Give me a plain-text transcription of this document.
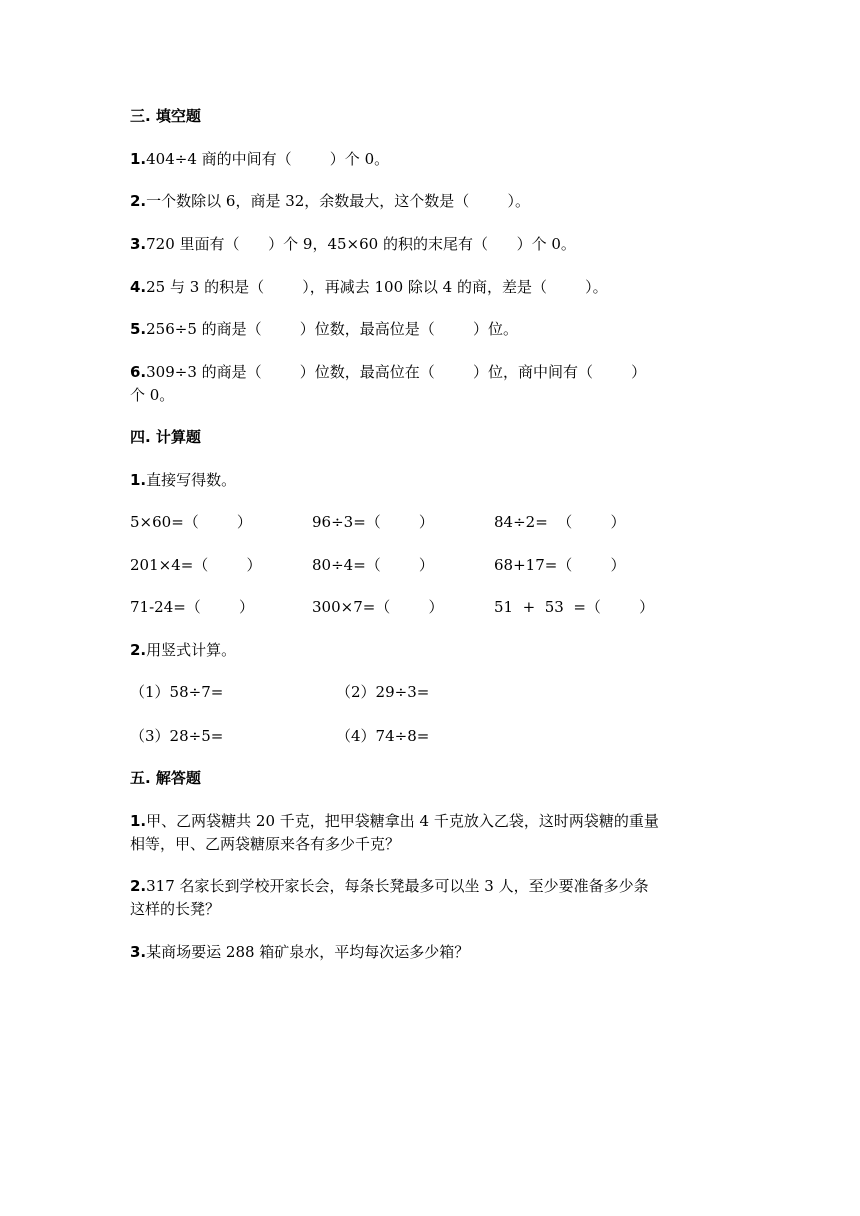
三. 填空题
1.404÷4 商的中间有（        ）个 0。
2.一个数除以 6，商是 32，余数最大，这个数是（        ）。
3.720 里面有（      ）个 9，45×60 的积的末尾有（      ）个 0。
4.25 与 3 的积是（        ），再减去 100 除以 4 的商，差是（        ）。
5.256÷5 的商是（        ）位数，最高位是（        ）位。
6.309÷3 的商是（        ）位数，最高位在（        ）位，商中间有（        ）
个 0。
四. 计算题
1.直接写得数。
5×60=（        ）	96÷3=（        ）	84÷2=  （        ）
201×4=（        ）	80÷4=（        ）	68+17=（        ）
71-24=（        ）	300×7=（        ）	51  +  53  =（        ）
2.用竖式计算。
（1）58÷7=	（2）29÷3=
（3）28÷5=	（4）74÷8=
五. 解答题
1.甲、乙两袋糖共 20 千克，把甲袋糖拿出 4 千克放入乙袋，这时两袋糖的重量
相等，甲、乙两袋糖原来各有多少千克？
2.317 名家长到学校开家长会，每条长凳最多可以坐 3 人，至少要准备多少条
这样的长凳？
3.某商场要运 288 箱矿泉水，平均每次运多少箱？
